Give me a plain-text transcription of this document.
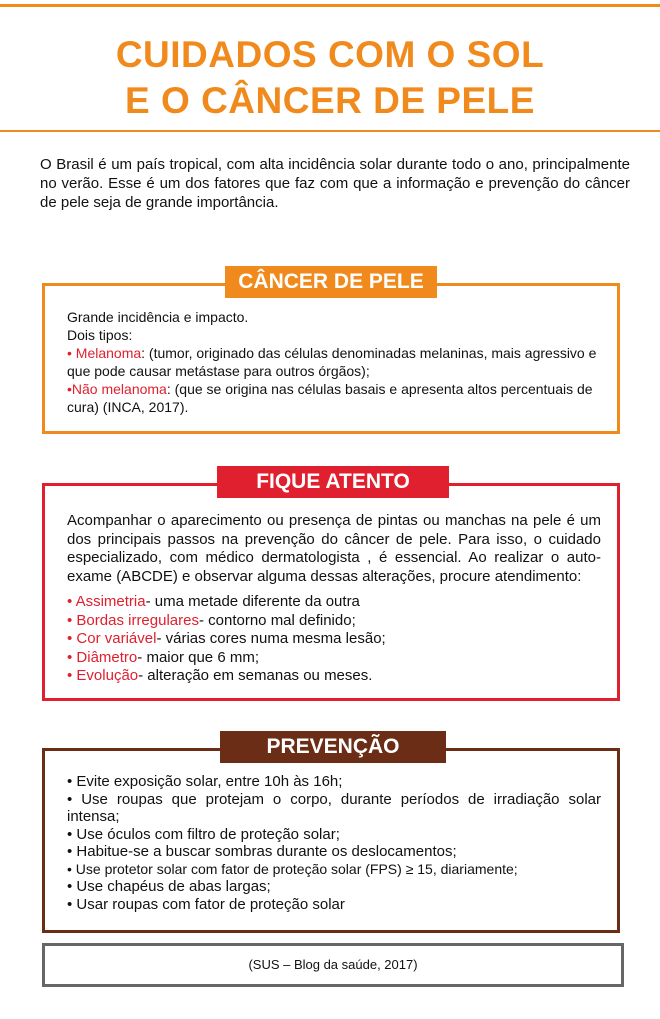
CUIDADOS COM O SOL
E O CÂNCER DE PELE

O Brasil é um país tropical, com alta incidência solar durante todo o ano, principalmente no verão. Esse é um dos fatores que faz com que a informação e prevenção do câncer de pele seja de grande importância.

CÂNCER DE PELE

Grande incidência e impacto.

Dois tipos:

• Melanoma: (tumor, originado das células denominadas melaninas, mais agressivo e que pode causar metástase para outros órgãos);

•Não melanoma: (que se origina nas células basais e apresenta altos percentuais de cura) (INCA, 2017).

FIQUE ATENTO

Acompanhar o aparecimento ou presença de pintas ou manchas na pele é um dos principais passos na prevenção do câncer de pele. Para isso, o cuidado especializado, com médico dermatologista , é essencial. Ao realizar o auto-exame (ABCDE) e observar alguma dessas alterações, procure atendimento:

• Assimetria- uma metade diferente da outra

• Bordas irregulares- contorno mal definido;

• Cor variável- várias cores numa mesma lesão;

• Diâmetro- maior que 6 mm;

• Evolução- alteração em semanas ou meses.

PREVENÇÃO

• Evite exposição solar, entre 10h às 16h;

• Use roupas que protejam o corpo, durante períodos de irradiação solar intensa;

• Use óculos com filtro de proteção solar;

• Habitue-se a buscar sombras durante os deslocamentos;

• Use protetor solar com fator de proteção solar (FPS) ≥ 15, diariamente;

• Use chapéus de abas largas;

• Usar roupas com fator de proteção solar

(SUS – Blog da saúde, 2017)
